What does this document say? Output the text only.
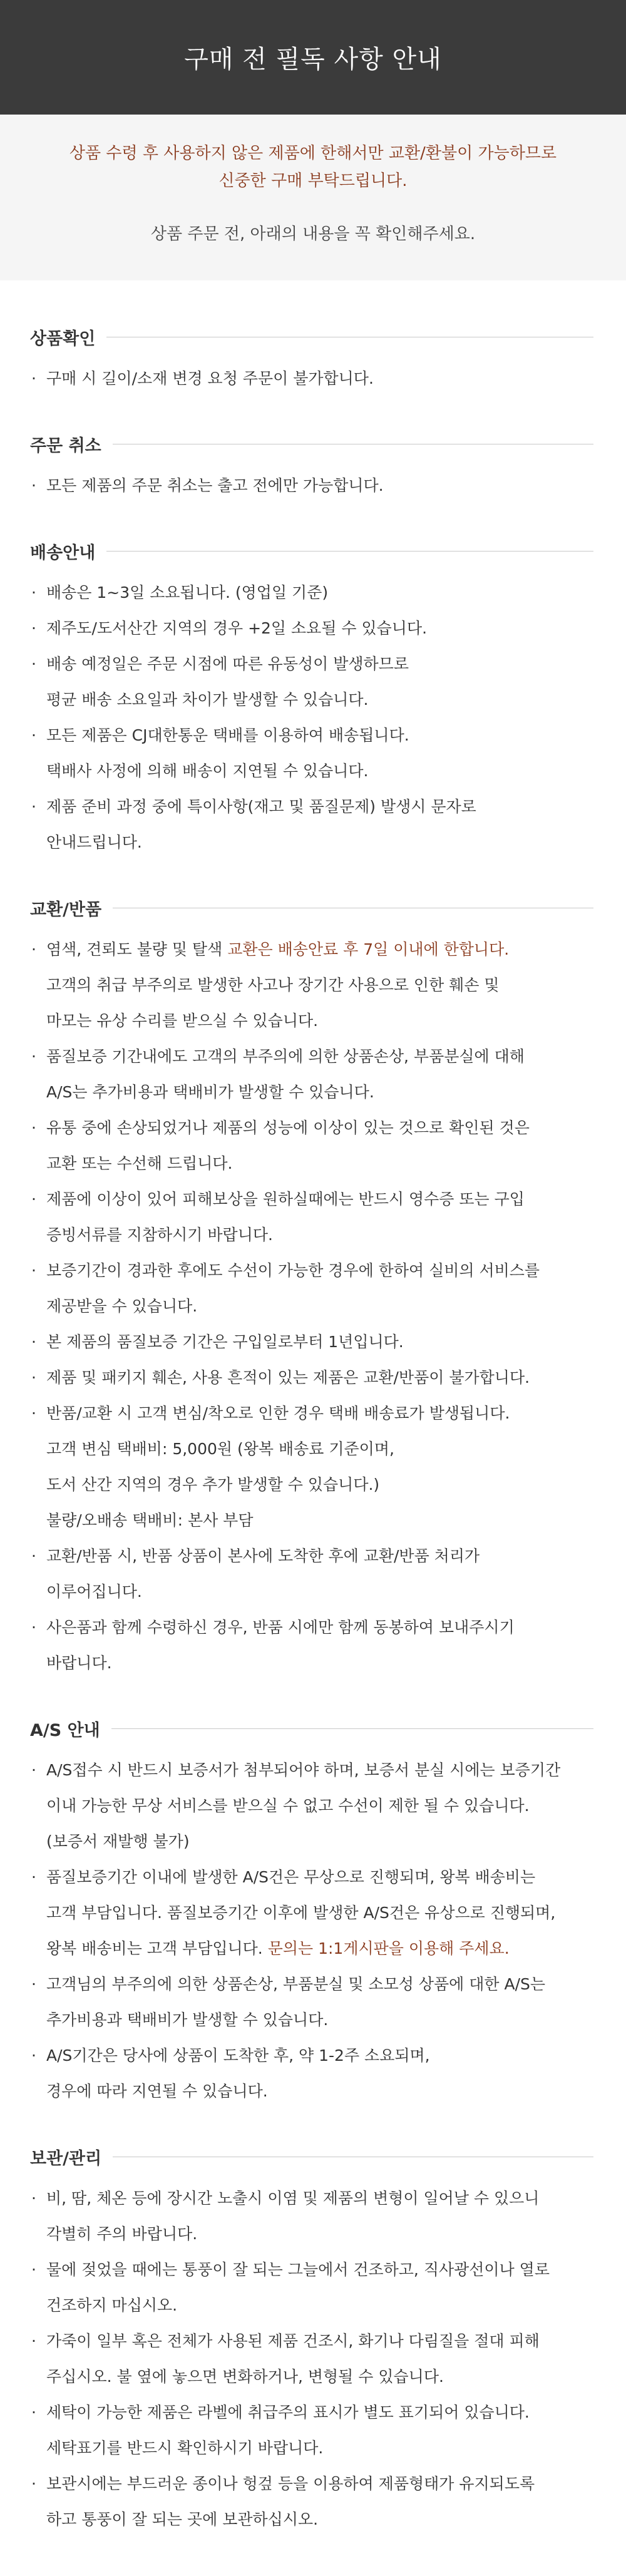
구매 전 필독 사항 안내
상품 수령 후 사용하지 않은 제품에 한해서만 교환/환불이 가능하므로
신중한 구매 부탁드립니다.
상품 주문 전, 아래의 내용을 꼭 확인해주세요.
상품확인
· 구매 시 길이/소재 변경 요청 주문이 불가합니다.
주문 취소
· 모든 제품의 주문 취소는 출고 전에만 가능합니다.
배송안내
· 배송은 1~3일 소요됩니다. (영업일 기준)
· 제주도/도서산간 지역의 경우 +2일 소요될 수 있습니다.
· 배송 예정일은 주문 시점에 따른 유동성이 발생하므로
평균 배송 소요일과 차이가 발생할 수 있습니다.
· 모든 제품은 CJ대한통운 택배를 이용하여 배송됩니다.
택배사 사정에 의해 배송이 지연될 수 있습니다.
· 제품 준비 과정 중에 특이사항(재고 및 품질문제) 발생시 문자로
안내드립니다.
교환/반품
· 염색, 견뢰도 불량 및 탈색 교환은 배송안료 후 7일 이내에 한합니다.
고객의 취급 부주의로 발생한 사고나 장기간 사용으로 인한 훼손 및
마모는 유상 수리를 받으실 수 있습니다.
· 품질보증 기간내에도 고객의 부주의에 의한 상품손상, 부품분실에 대해
A/S는 추가비용과 택배비가 발생할 수 있습니다.
· 유통 중에 손상되었거나 제품의 성능에 이상이 있는 것으로 확인된 것은
교환 또는 수선해 드립니다.
· 제품에 이상이 있어 피해보상을 원하실때에는 반드시 영수증 또는 구입
증빙서류를 지참하시기 바랍니다.
· 보증기간이 경과한 후에도 수선이 가능한 경우에 한하여 실비의 서비스를
제공받을 수 있습니다.
· 본 제품의 품질보증 기간은 구입일로부터 1년입니다.
· 제품 및 패키지 훼손, 사용 흔적이 있는 제품은 교환/반품이 불가합니다.
· 반품/교환 시 고객 변심/착오로 인한 경우 택배 배송료가 발생됩니다.
고객 변심 택배비: 5,000원 (왕복 배송료 기준이며,
도서 산간 지역의 경우 추가 발생할 수 있습니다.)
불량/오배송 택배비: 본사 부담
· 교환/반품 시, 반품 상품이 본사에 도착한 후에 교환/반품 처리가
이루어집니다.
· 사은품과 함께 수령하신 경우, 반품 시에만 함께 동봉하여 보내주시기
바랍니다.
A/S 안내
· A/S접수 시 반드시 보증서가 첨부되어야 하며, 보증서 분실 시에는 보증기간
이내 가능한 무상 서비스를 받으실 수 없고 수선이 제한 될 수 있습니다.
(보증서 재발행 불가)
· 품질보증기간 이내에 발생한 A/S건은 무상으로 진행되며, 왕복 배송비는
고객 부담입니다. 품질보증기간 이후에 발생한 A/S건은 유상으로 진행되며,
왕복 배송비는 고객 부담입니다. 문의는 1:1게시판을 이용해 주세요.
· 고객님의 부주의에 의한 상품손상, 부품분실 및 소모성 상품에 대한 A/S는
추가비용과 택배비가 발생할 수 있습니다.
· A/S기간은 당사에 상품이 도착한 후, 약 1-2주 소요되며,
경우에 따라 지연될 수 있습니다.
보관/관리
· 비, 땀, 체온 등에 장시간 노출시 이염 및 제품의 변형이 일어날 수 있으니
각별히 주의 바랍니다.
· 물에 젖었을 때에는 통풍이 잘 되는 그늘에서 건조하고, 직사광선이나 열로
건조하지 마십시오.
· 가죽이 일부 혹은 전체가 사용된 제품 건조시, 화기나 다림질을 절대 피해
주십시오. 불 옆에 놓으면 변화하거나, 변형될 수 있습니다.
· 세탁이 가능한 제품은 라벨에 취급주의 표시가 별도 표기되어 있습니다.
세탁표기를 반드시 확인하시기 바랍니다.
· 보관시에는 부드러운 종이나 헝겊 등을 이용하여 제품형태가 유지되도록
하고 통풍이 잘 되는 곳에 보관하십시오.
